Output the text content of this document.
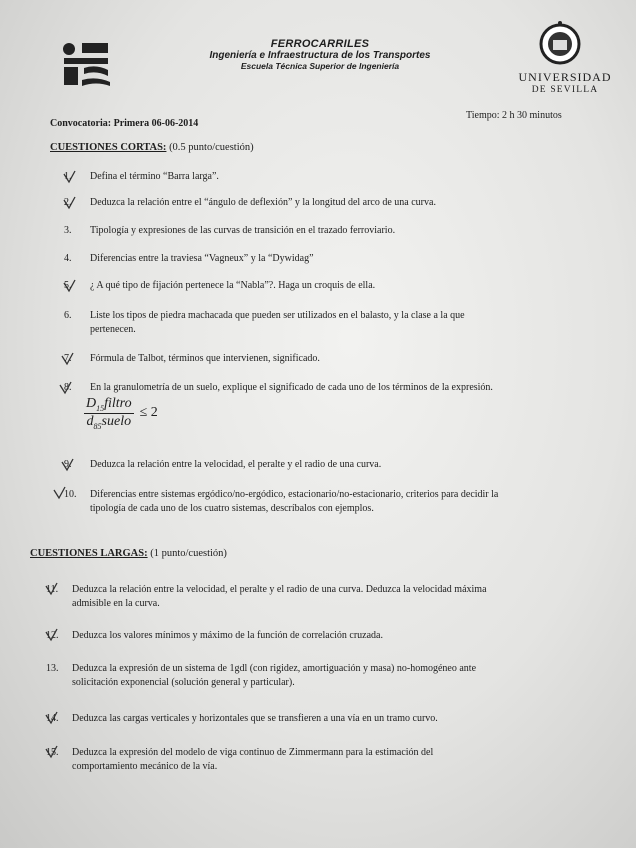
FERROCARRILES
Ingeniería e Infraestructura de los Transportes
Escuela Técnica Superior de Ingeniería
UNIVERSIDAD
DE SEVILLA
Convocatoria: Primera 06-06-2014
Tiempo: 2 h 30 minutos
CUESTIONES CORTAS: (0.5 punto/cuestión)
1.	Defina el término “Barra larga”.
2.	Deduzca la relación entre el “ángulo de deflexión” y la longitud del arco de una curva.
3.	Tipología y expresiones de las curvas de transición en el trazado ferroviario.
4.	Diferencias entre la traviesa “Vagneux” y la “Dywidag”
5.	¿ A qué tipo de fijación pertenece la “Nabla”?. Haga un croquis de ella.
6.	Liste los tipos de piedra machacada que pueden ser utilizados en el balasto, y la clase a la que
pertenecen.
7.	Fórmula de Talbot, términos que intervienen, significado.
8.	En la granulometría de un suelo, explique el significado de cada uno de los términos de la expresión.
$\frac{D_{15}filtro}{d_{85}suelo} \le 2$
9.	Deduzca la relación entre la velocidad, el peralte y el radio de una curva.
10.	Diferencias entre sistemas ergódico/no-ergódico, estacionario/no-estacionario, criterios para decidir la
tipología de cada uno de los cuatro sistemas, descríbalos con ejemplos.
CUESTIONES LARGAS: (1 punto/cuestión)
11.	Deduzca la relación entre la velocidad, el peralte y el radio de una curva. Deduzca la velocidad máxima
admisible en la curva.
12.	Deduzca los valores mínimos y máximo de la función de correlación cruzada.
13.	Deduzca la expresión de un sistema de 1gdl (con rigidez, amortiguación y masa) no-homogéneo ante
solicitación exponencial (solución general y particular).
14.	Deduzca las cargas verticales y horizontales que se transfieren a una vía en un tramo curvo.
15.	Deduzca la expresión del modelo de viga continuo de Zimmermann para la estimación del
comportamiento mecánico de la vía.
